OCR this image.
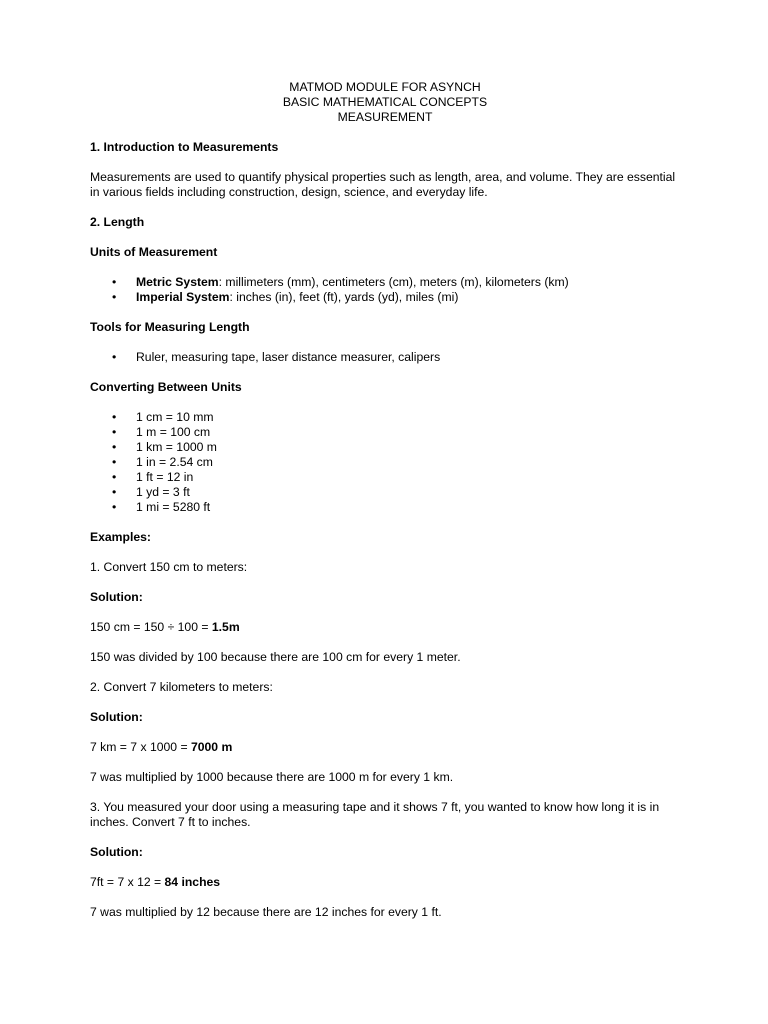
MATMOD MODULE FOR ASYNCH
BASIC MATHEMATICAL CONCEPTS
MEASUREMENT

1. Introduction to Measurements

Measurements are used to quantify physical properties such as length, area, and volume. They are essential in various fields including construction, design, science, and everyday life.

2. Length

Units of Measurement

• Metric System: millimeters (mm), centimeters (cm), meters (m), kilometers (km)
• Imperial System: inches (in), feet (ft), yards (yd), miles (mi)

Tools for Measuring Length

• Ruler, measuring tape, laser distance measurer, calipers

Converting Between Units

• 1 cm = 10 mm
• 1 m = 100 cm
• 1 km = 1000 m
• 1 in = 2.54 cm
• 1 ft = 12 in
• 1 yd = 3 ft
• 1 mi = 5280 ft

Examples:

1. Convert 150 cm to meters:

Solution:

150 cm = 150 ÷ 100 = 1.5m

150 was divided by 100 because there are 100 cm for every 1 meter.

2. Convert 7 kilometers to meters:

Solution:

7 km = 7 x 1000 = 7000 m

7 was multiplied by 1000 because there are 1000 m for every 1 km.

3. You measured your door using a measuring tape and it shows 7 ft, you wanted to know how long it is in inches. Convert 7 ft to inches.

Solution:

7ft = 7 x 12 = 84 inches

7 was multiplied by 12 because there are 12 inches for every 1 ft.
